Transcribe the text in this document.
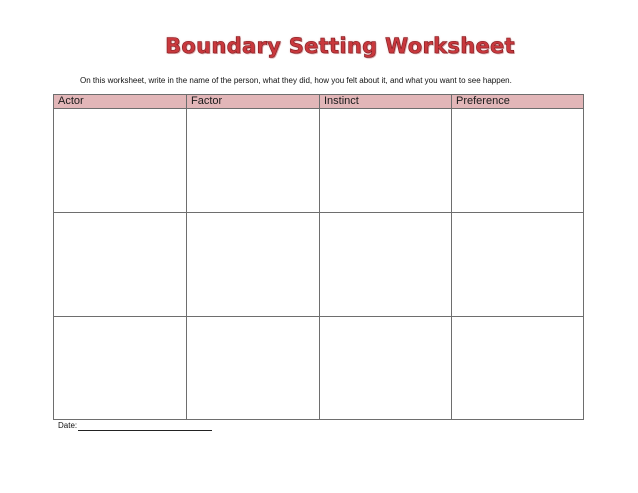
Boundary Setting Worksheet
On this worksheet, write in the name of the person, what they did, how you felt about it, and what you want to see happen.
Actor	Factor	Instinct	Preference
Date:
